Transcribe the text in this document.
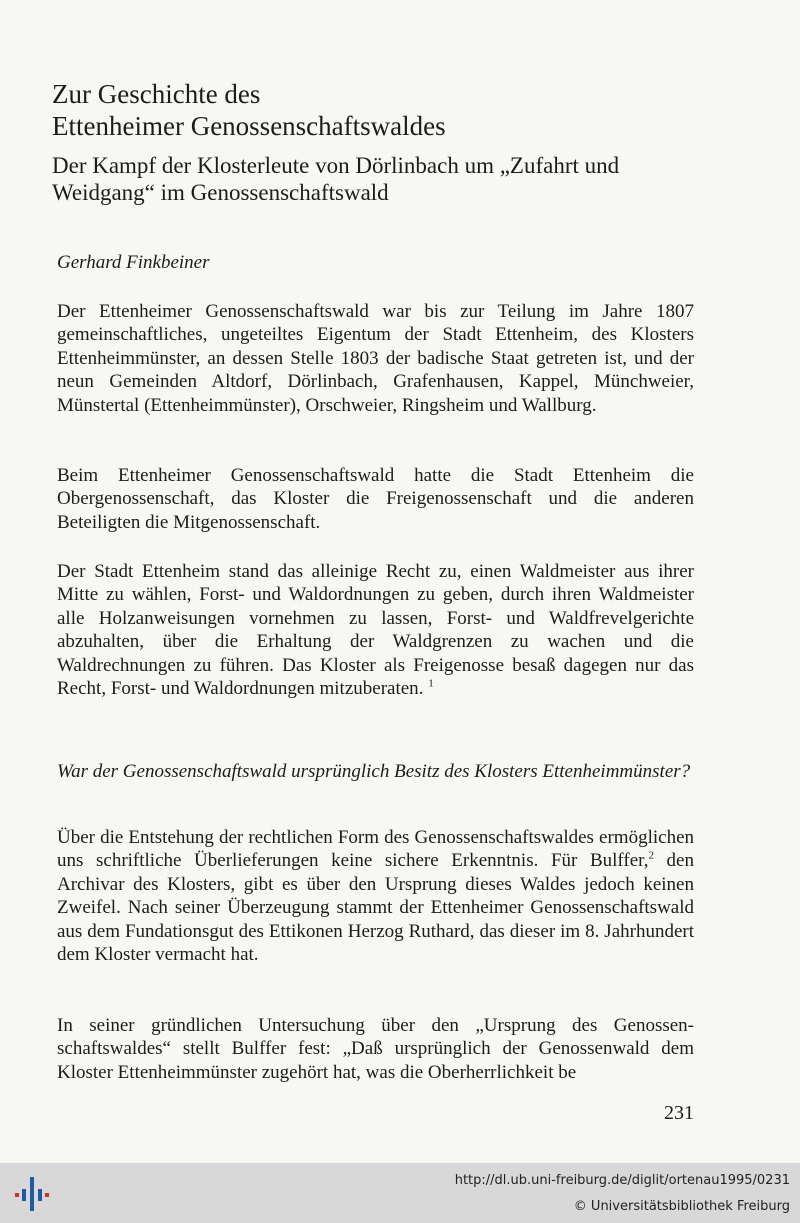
Zur Geschichte des
Ettenheimer Genossenschaftswaldes
Der Kampf der Klosterleute von Dörlinbach um „Zufahrt und
Weidgang“ im Genossenschaftswald

Gerhard Finkbeiner

Der Ettenheimer Genossenschaftswald war bis zur Teilung im Jahre 1807 gemeinschaftliches, ungeteiltes Eigentum der Stadt Ettenheim, des Klosters Ettenheimmünster, an dessen Stelle 1803 der badische Staat getreten ist, und der neun Gemeinden Altdorf, Dörlinbach, Grafenhausen, Kappel, Münchweier, Münstertal (Ettenheimmünster), Orschweier, Ringsheim und Wallburg.

Beim Ettenheimer Genossenschaftswald hatte die Stadt Ettenheim die Obergenossenschaft, das Kloster die Freigenossenschaft und die anderen Beteiligten die Mitgenossenschaft.

Der Stadt Ettenheim stand das alleinige Recht zu, einen Waldmeister aus ihrer Mitte zu wählen, Forst- und Waldordnungen zu geben, durch ihren Waldmeister alle Holzanweisungen vornehmen zu lassen, Forst- und Waldfrevelgerichte abzuhalten, über die Erhaltung der Waldgrenzen zu wachen und die Waldrechnungen zu führen. Das Kloster als Freigenosse besaß dagegen nur das Recht, Forst- und Waldordnungen mitzuberaten. $^1$

War der Genossenschaftswald ursprünglich Besitz des Klosters Ettenheimmünster?

Über die Entstehung der rechtlichen Form des Genossenschaftswaldes ermöglichen uns schriftliche Überlieferungen keine sichere Erkenntnis. Für Bulffer,$^2$ den Archivar des Klosters, gibt es über den Ursprung dieses Waldes jedoch keinen Zweifel. Nach seiner Überzeugung stammt der Ettenheimer Genossenschaftswald aus dem Fundationsgut des Ettikonen Herzog Ruthard, das dieser im 8. Jahrhundert dem Kloster vermacht hat.

In seiner gründlichen Untersuchung über den „Ursprung des Genossenschaftswaldes“ stellt Bulffer fest: „Daß ursprünglich der Genossenwald dem Kloster Ettenheimmünster zugehört hat, was die Oberherrlichkeit be

231

http://dl.ub.uni-freiburg.de/diglit/ortenau1995/0231
© Universitätsbibliothek Freiburg
